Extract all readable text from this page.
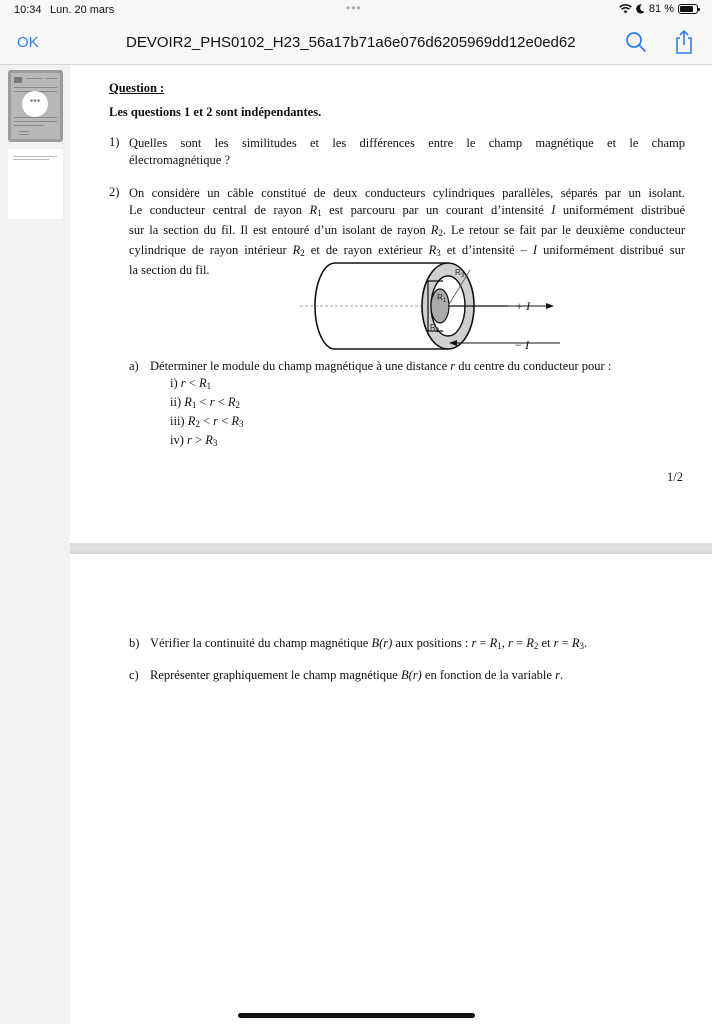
10:34 Lun. 20 mars	•••	81 %
OK	DEVOIR2_PHS0102_H23_56a17b71a6e076d6205969dd12e0ed62
•••
Question :
Les questions 1 et 2 sont indépendantes.
1) Quelles sont les similitudes et les différences entre le champ magnétique et le champ
électromagnétique ?
2) On considère un câble constitué de deux conducteurs cylindriques parallèles, séparés par un isolant.
Le conducteur central de rayon $R_1$ est parcouru par un courant d’intensité I uniformément distribué
sur la section du fil. Il est entouré d’un isolant de rayon $R_2$. Le retour se fait par le deuxième conducteur
cylindrique de rayon intérieur $R_2$ et de rayon extérieur $R_3$ et d’intensité – I uniformément distribué sur
la section du fil.	$R_3$
$R_1$
$R_2$
+ I
− I
a) Déterminer le module du champ magnétique à une distance r du centre du conducteur pour :
i) $r < R_1$
ii) $R_1 < r < R_2$
iii) $R_2 < r < R_3$
iv) $r > R_3$
1/2
b) Vérifier la continuité du champ magnétique B(r) aux positions : $r = R_1$, $r = R_2$ et $r = R_3$.
c) Représenter graphiquement le champ magnétique B(r) en fonction de la variable r.
